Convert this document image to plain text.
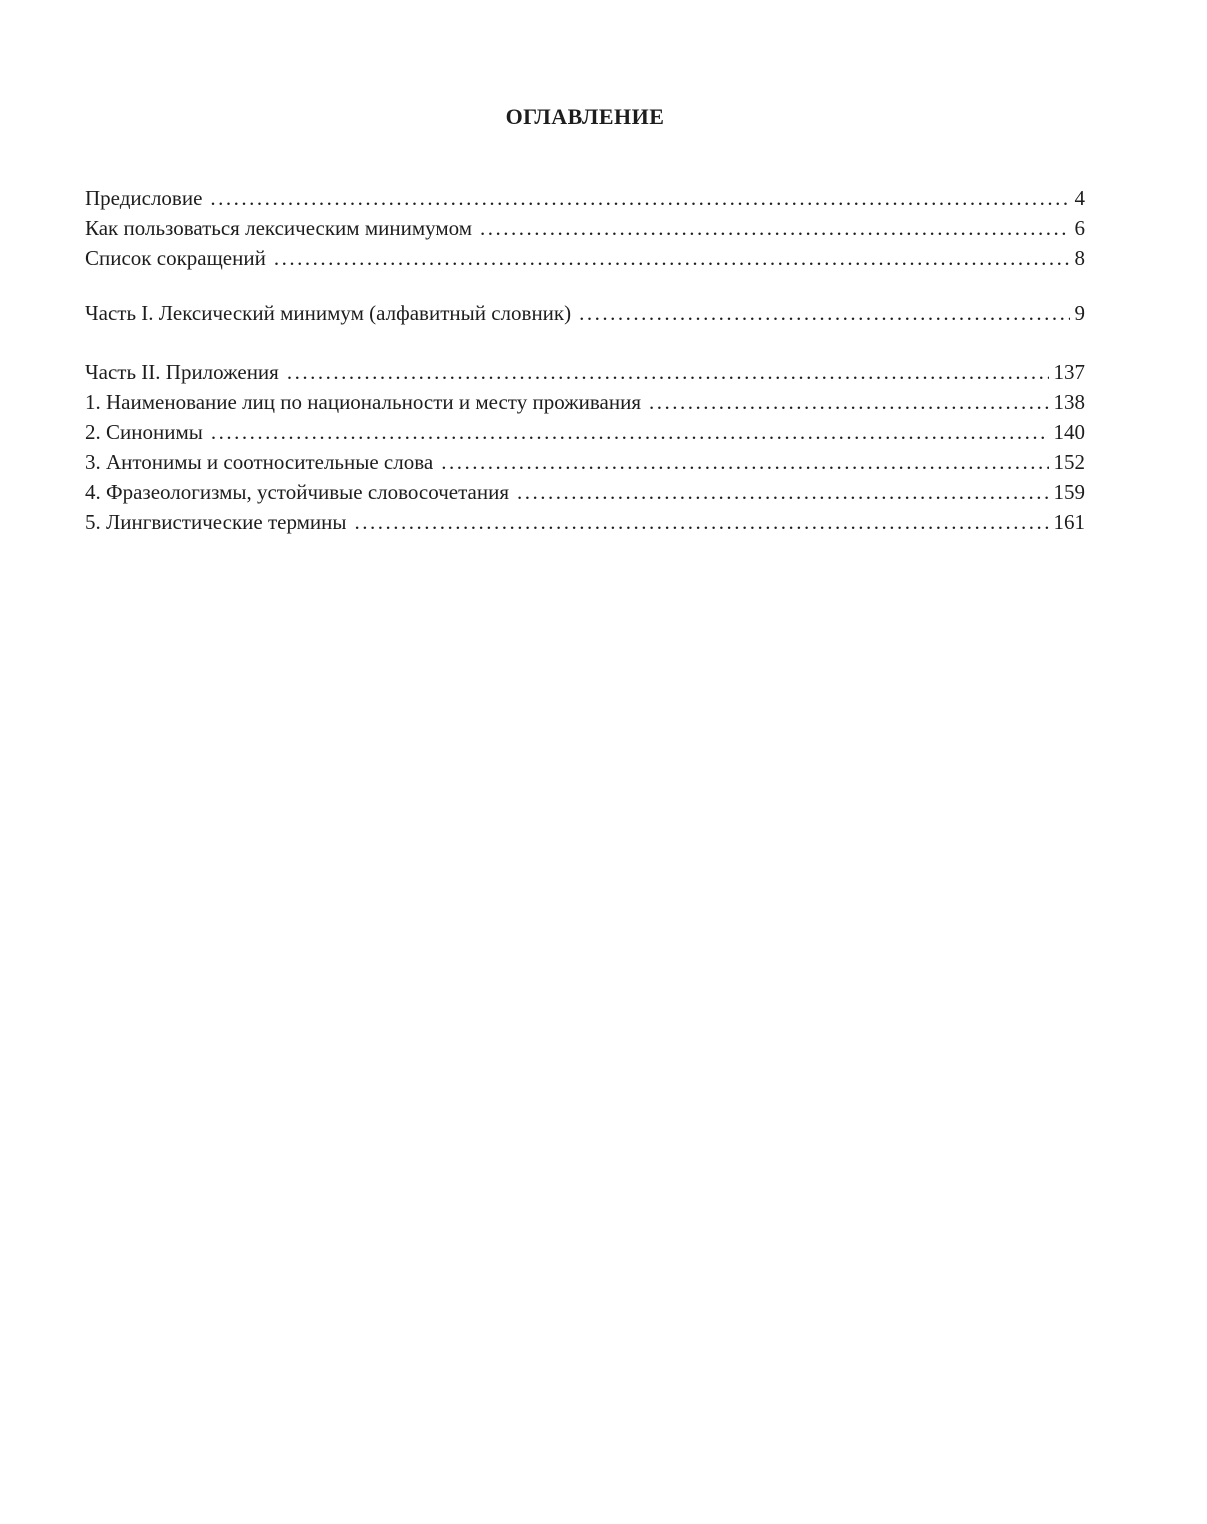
ОГЛАВЛЕНИЕ
Предисловие .....	4
Как пользоваться лексическим минимумом .....	6
Список сокращений .....	8
Часть I. Лексический минимум (алфавитный словник) .....	9
Часть II. Приложения .....	137
1. Наименование лиц по национальности и месту проживания .....	138
2. Синонимы .....	140
3. Антонимы и соотносительные слова .....	152
4. Фразеологизмы, устойчивые словосочетания .....	159
5. Лингвистические термины .....	161
